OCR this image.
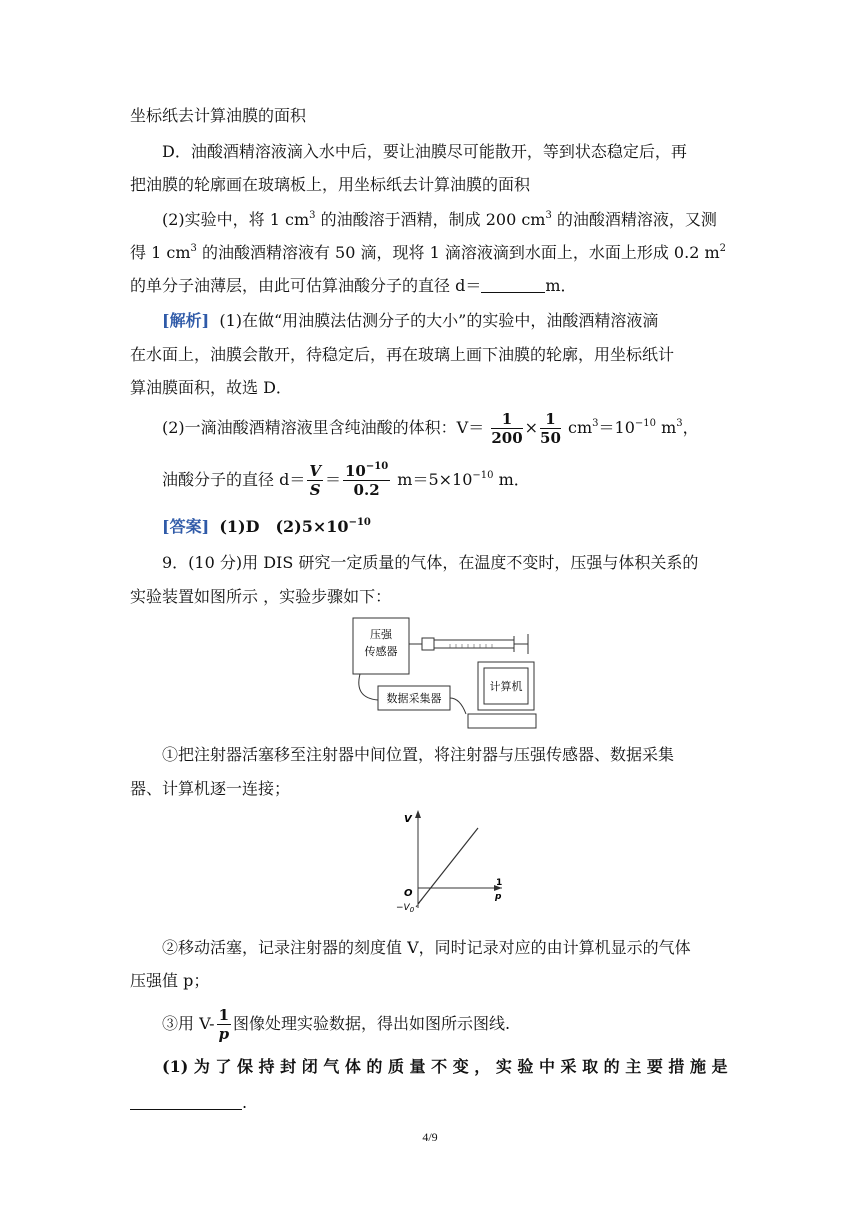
坐标纸去计算油膜的面积
D．油酸酒精溶液滴入水中后，要让油膜尽可能散开，等到状态稳定后，再
把油膜的轮廓画在玻璃板上，用坐标纸去计算油膜的面积
(2)实验中，将 1 $cm^3$ 的油酸溶于酒精，制成 200 $cm^3$ 的油酸酒精溶液，又测
得 1 $cm^3$ 的油酸酒精溶液有 50 滴，现将 1 滴溶液滴到水面上，水面上形成 0.2 $m^2$
的单分子油薄层，由此可估算油酸分子的直径 d＝	m．
[解析] (1)在做“用油膜法估测分子的大小”的实验中，油酸酒精溶液滴
在水面上，油膜会散开，待稳定后，再在玻璃上画下油膜的轮廓，用坐标纸计
算油膜面积，故选 D．
(2)一滴油酸酒精溶液里含纯油酸的体积：$V= \frac{1}{200} \times \frac{1}{50} cm^3=10^{-10}$ $m^3$，
油酸分子的直径 $d= \frac{V}{S} = \frac{10^{-10}}{0.2} m=5\times 10^{-10}$ m．
[答案] (1)D　$(2)5\times 10^{-10}$
9．(10 分)用 DIS 研究一定质量的气体，在温度不变时，压强与体积关系的
实验装置如图所示 ，实验步骤如下：
压强
传感器
数据采集器
计算机
①把注射器活塞移至注射器中间位置，将注射器与压强传感器、数据采集
器、计算机逐一连接；
V
O
$-V_0$
1
p
②移动活塞，记录注射器的刻度值 V，同时记录对应的由计算机显示的气体
压强值 p；
③用 $V- \frac{1}{p}$ 图像处理实验数据，得出如图所示图线.
(1) 为 了 保 持 封 闭 气 体 的 质 量 不 变 ， 实 验 中 采 取 的 主 要 措 施 是
.
4/9
